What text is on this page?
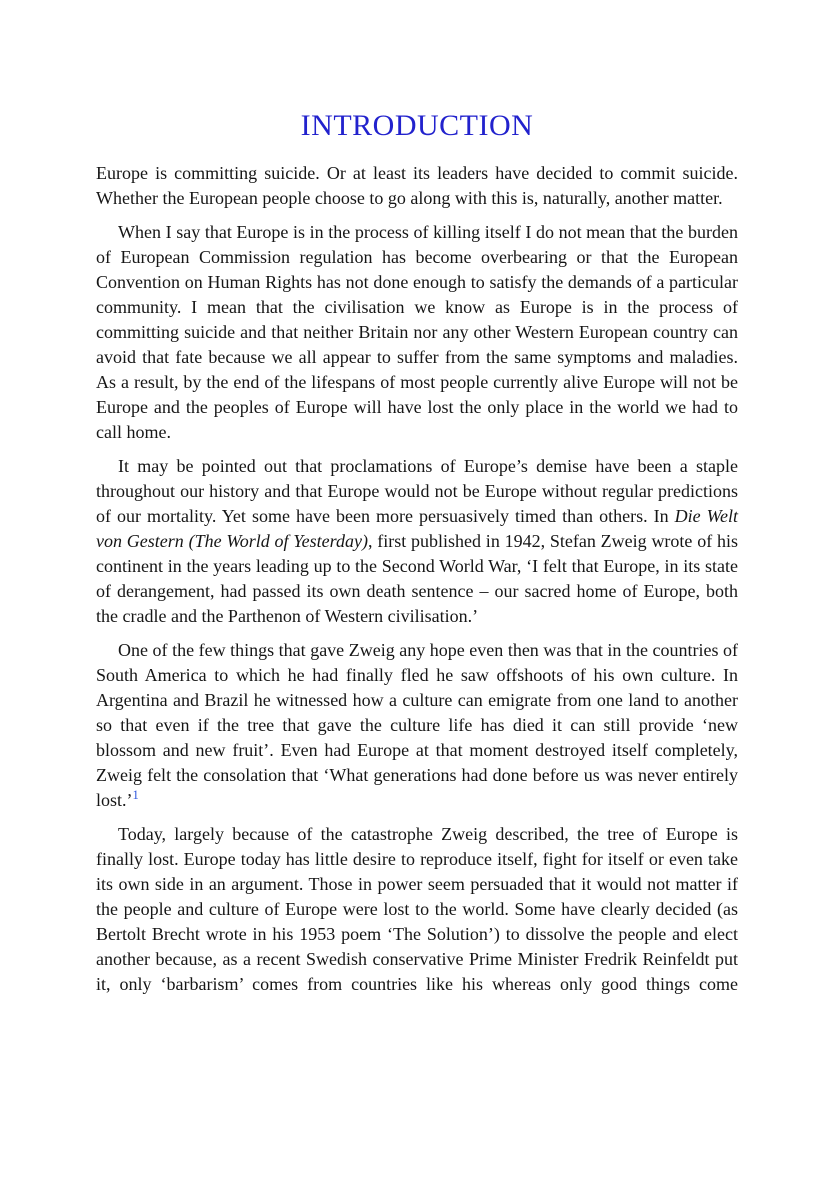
INTRODUCTION

Europe is committing suicide. Or at least its leaders have decided to commit suicide. Whether the European people choose to go along with this is, naturally, another matter.

When I say that Europe is in the process of killing itself I do not mean that the burden of European Commission regulation has become overbearing or that the European Convention on Human Rights has not done enough to satisfy the demands of a particular community. I mean that the civilisation we know as Europe is in the process of committing suicide and that neither Britain nor any other Western European country can avoid that fate because we all appear to suffer from the same symptoms and maladies. As a result, by the end of the lifespans of most people currently alive Europe will not be Europe and the peoples of Europe will have lost the only place in the world we had to call home.

It may be pointed out that proclamations of Europe’s demise have been a staple throughout our history and that Europe would not be Europe without regular predictions of our mortality. Yet some have been more persuasively timed than others. In Die Welt von Gestern (The World of Yesterday), first published in 1942, Stefan Zweig wrote of his continent in the years leading up to the Second World War, ‘I felt that Europe, in its state of derangement, had passed its own death sentence – our sacred home of Europe, both the cradle and the Parthenon of Western civilisation.’

One of the few things that gave Zweig any hope even then was that in the countries of South America to which he had finally fled he saw offshoots of his own culture. In Argentina and Brazil he witnessed how a culture can emigrate from one land to another so that even if the tree that gave the culture life has died it can still provide ‘new blossom and new fruit’. Even had Europe at that moment destroyed itself completely, Zweig felt the consolation that ‘What generations had done before us was never entirely lost.’$^1$

Today, largely because of the catastrophe Zweig described, the tree of Europe is finally lost. Europe today has little desire to reproduce itself, fight for itself or even take its own side in an argument. Those in power seem persuaded that it would not matter if the people and culture of Europe were lost to the world. Some have clearly decided (as Bertolt Brecht wrote in his 1953 poem ‘The Solution’) to dissolve the people and elect another because, as a recent Swedish conservative Prime Minister Fredrik Reinfeldt put it, only ‘barbarism’ comes from countries like his whereas only good things come
